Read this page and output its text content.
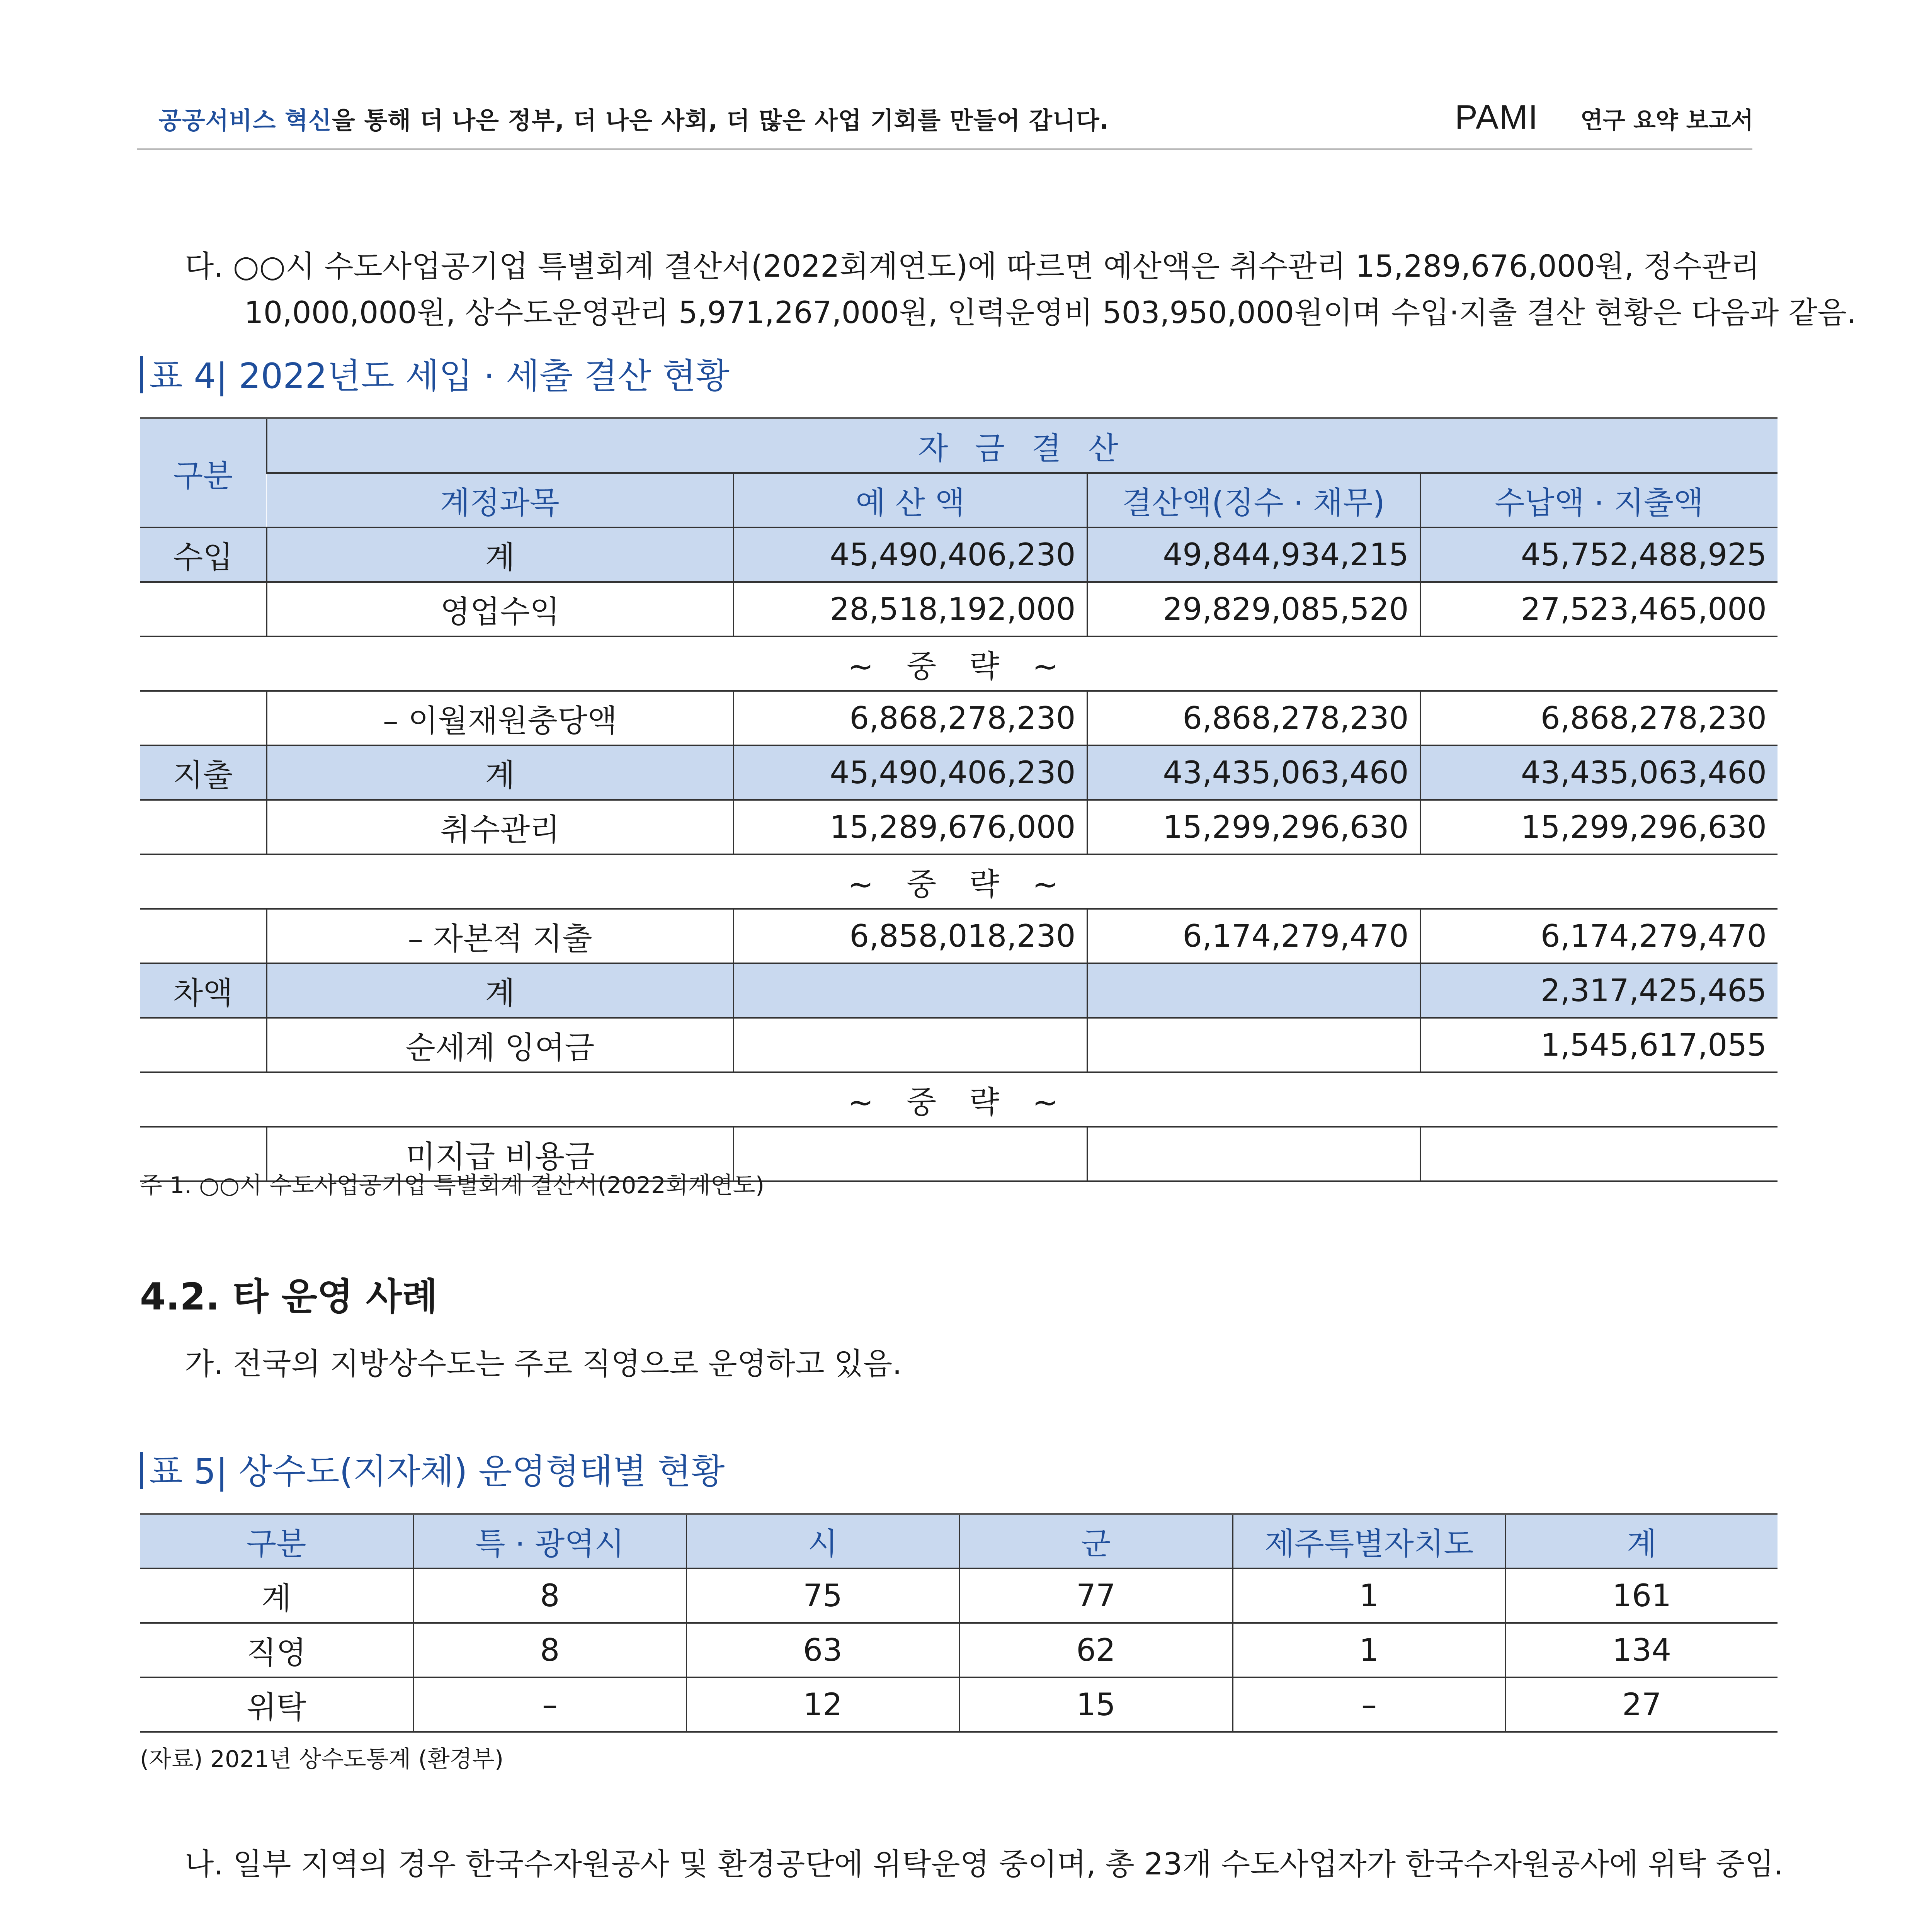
공공서비스 혁신을 통해 더 나은 정부, 더 나은 사회, 더 많은 사업 기회를 만들어 갑니다.	PAMI 연구 요약 보고서
다. ○○시 수도사업공기업 특별회계 결산서(2022회계연도)에 따르면 예산액은 취수관리 15,289,676,000원, 정수관리
10,000,000원, 상수도운영관리 5,971,267,000원, 인력운영비 503,950,000원이며 수입·지출 결산 현황은 다음과 같음.
표 4| 2022년도 세입 · 세출 결산 현황
구분	자 금 결 산			
	계정과목	예 산 액	결산액(징수 · 채무)	수납액 · 지출액
수입	계	45,490,406,230	49,844,934,215	45,752,488,925
	영업수익	28,518,192,000	29,829,085,520	27,523,465,000
∼ 중 략 ∼				
	– 이월재원충당액	6,868,278,230	6,868,278,230	6,868,278,230
지출	계	45,490,406,230	43,435,063,460	43,435,063,460
	취수관리	15,289,676,000	15,299,296,630	15,299,296,630
∼ 중 략 ∼				
	– 자본적 지출	6,858,018,230	6,174,279,470	6,174,279,470
차액	계			2,317,425,465
	순세계 잉여금			1,545,617,055
∼ 중 략 ∼				
	미지급 비용금			
주 1. ○○시 수도사업공기업 특별회계 결산서(2022회계연도)
4.2. 타 운영 사례
가. 전국의 지방상수도는 주로 직영으로 운영하고 있음.
표 5| 상수도(지자체) 운영형태별 현황
구분	특 · 광역시	시	군	제주특별자치도	계
계	8	75	77	1	161
직영	8	63	62	1	134
위탁	–	12	15	–	27
(자료) 2021년 상수도통계 (환경부)
나. 일부 지역의 경우 한국수자원공사 및 환경공단에 위탁운영 중이며, 총 23개 수도사업자가 한국수자원공사에 위탁 중임.
